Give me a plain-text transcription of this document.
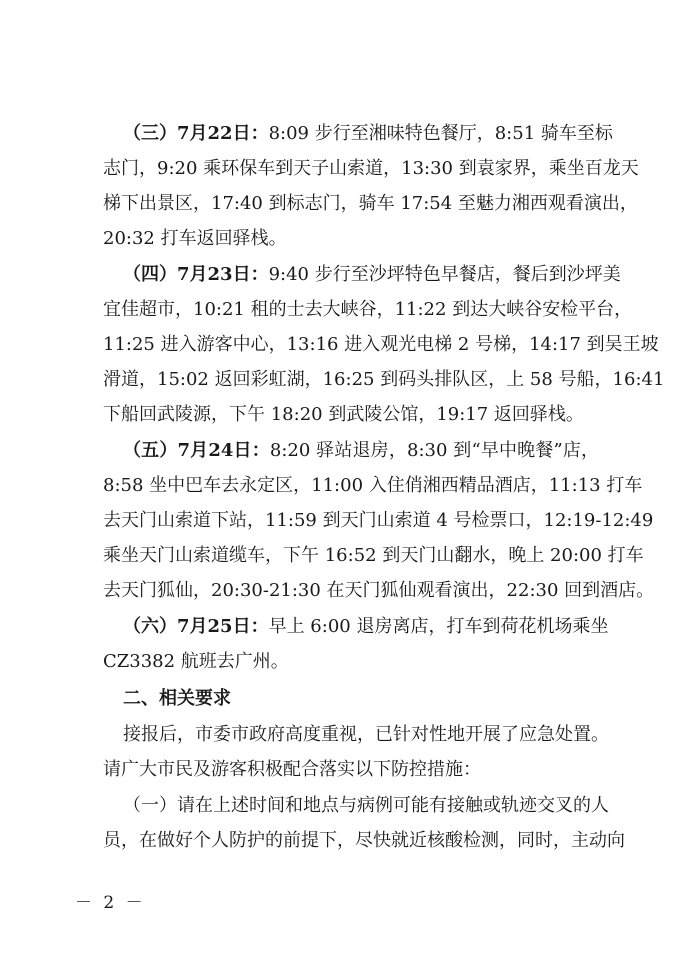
（三）7月22日：8:09 步行至湘味特色餐厅，8:51 骑车至标
志门，9:20 乘环保车到天子山索道，13:30 到袁家界，乘坐百龙天
梯下出景区，17:40 到标志门，骑车 17:54 至魅力湘西观看演出，
20:32 打车返回驿栈。
（四）7月23日：9:40 步行至沙坪特色早餐店，餐后到沙坪美
宜佳超市，10:21 租的士去大峡谷，11:22 到达大峡谷安检平台，
11:25 进入游客中心，13:16 进入观光电梯 2 号梯，14:17 到吴王坡
滑道，15:02 返回彩虹湖，16:25 到码头排队区，上 58 号船，16:41
下船回武陵源，下午 18:20 到武陵公馆，19:17 返回驿栈。
（五）7月24日：8:20 驿站退房，8:30 到“早中晚餐”店，
8:58 坐中巴车去永定区，11:00 入住俏湘西精品酒店，11:13 打车
去天门山索道下站，11:59 到天门山索道 4 号检票口，12:19-12:49
乘坐天门山索道缆车，下午 16:52 到天门山翻水，晚上 20:00 打车
去天门狐仙，20:30-21:30 在天门狐仙观看演出，22:30 回到酒店。
（六）7月25日：早上 6:00 退房离店，打车到荷花机场乘坐
CZ3382 航班去广州。
二、相关要求
接报后，市委市政府高度重视，已针对性地开展了应急处置。
请广大市民及游客积极配合落实以下防控措施：
（一）请在上述时间和地点与病例可能有接触或轨迹交叉的人
员，在做好个人防护的前提下，尽快就近核酸检测，同时，主动向
－ 2 －
